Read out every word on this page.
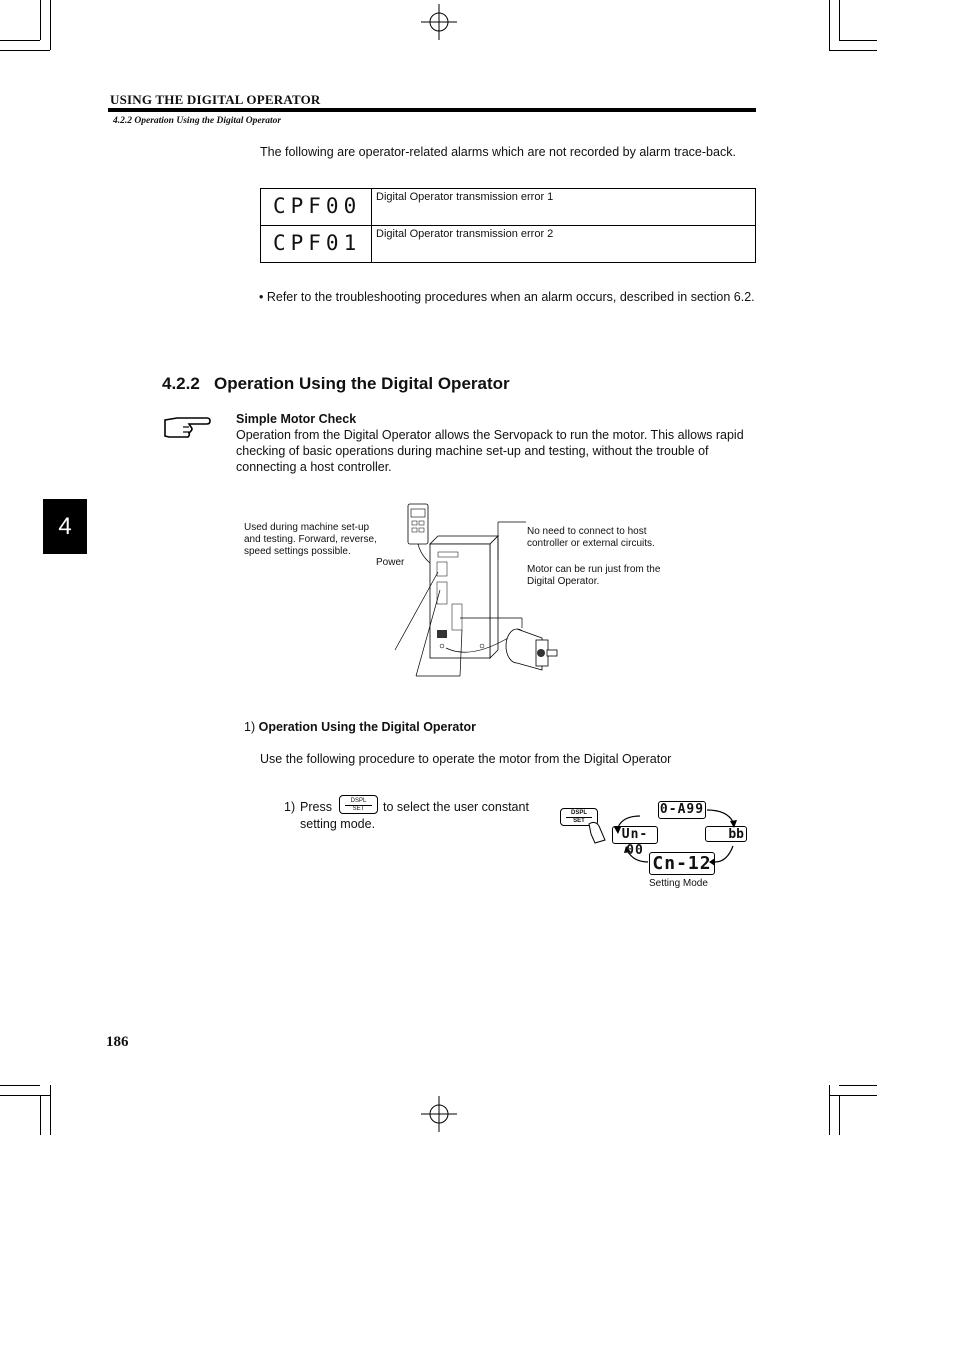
USING THE DIGITAL OPERATOR
4.2.2 Operation Using the Digital Operator
The following are operator-related alarms which are not recorded by alarm trace-back.
CPF00	Digital Operator transmission error 1

CPF01	Digital Operator transmission error 2
• Refer to the troubleshooting procedures when an alarm occurs, described in section 6.2.
4.2.2 Operation Using the Digital Operator
Simple Motor Check
Operation from the Digital Operator allows the Servopack to run the motor. This allows rapid checking of basic operations during machine set-up and testing, without the trouble of connecting a host controller.
Used during machine set-up and testing. Forward, reverse, speed settings possible.
Power
No need to connect to host controller or external circuits.
Motor can be run just from the Digital Operator.
1) Operation Using the Digital Operator
Use the following procedure to operate the motor from the Digital Operator
1) Press	DSPL
SET	to select the user constant
setting mode.
DSPL
SET
0-A99
Un-00
bb
Cn-12
Setting Mode
4
186
